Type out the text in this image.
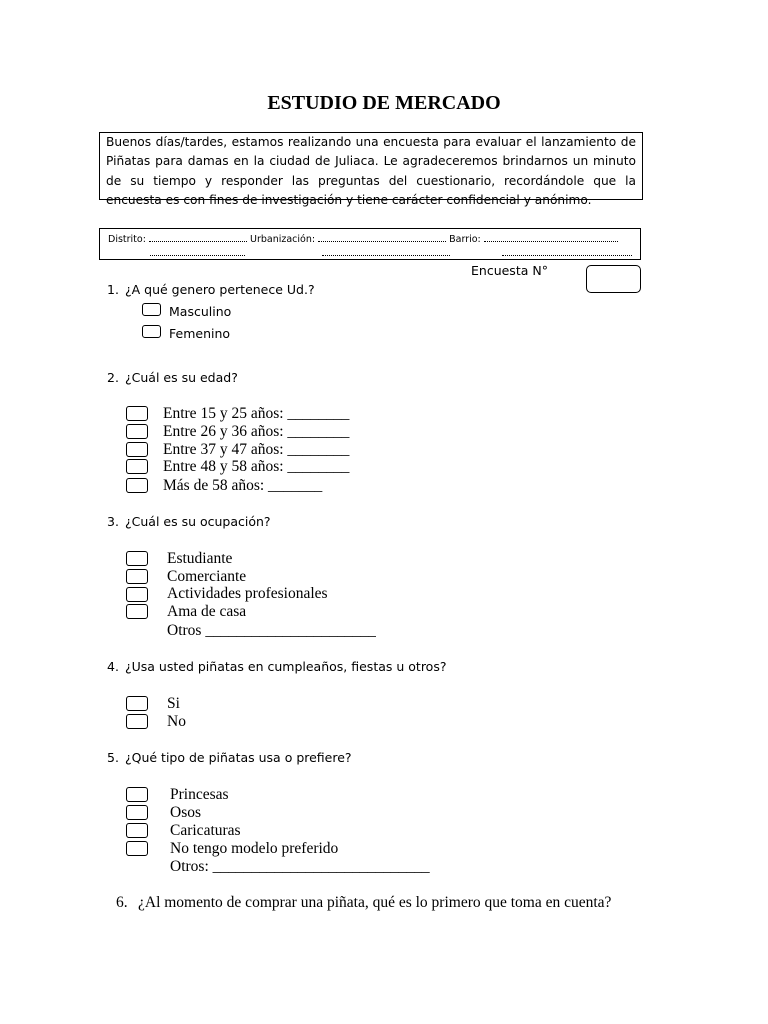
ESTUDIO DE MERCADO
Buenos días/tardes, estamos realizando una encuesta para evaluar el lanzamiento de Piñatas para damas en la ciudad de Juliaca. Le agradeceremos brindarnos un minuto de su tiempo y responder las preguntas del cuestionario, recordándole que la encuesta es con fines de investigación y tiene carácter confidencial y anónimo.
Distrito:	Urbanización:	Barrio:
Encuesta N°
1. ¿A qué genero pertenece Ud.?
Masculino
Femenino
2. ¿Cuál es su edad?
Entre 15 y 25 años: ________
Entre 26 y 36 años: ________
Entre 37 y 47 años: ________
Entre 48 y 58 años: ________
Más de 58 años: _______
3. ¿Cuál es su ocupación?
Estudiante
Comerciante
Actividades profesionales
Ama de casa
Otros ______________________
4. ¿Usa usted piñatas en cumpleaños, fiestas u otros?
Si
No
5. ¿Qué tipo de piñatas usa o prefiere?
Princesas
Osos
Caricaturas
No tengo modelo preferido
Otros: ____________________________
6. ¿Al momento de comprar una piñata, qué es lo primero que toma en cuenta?
